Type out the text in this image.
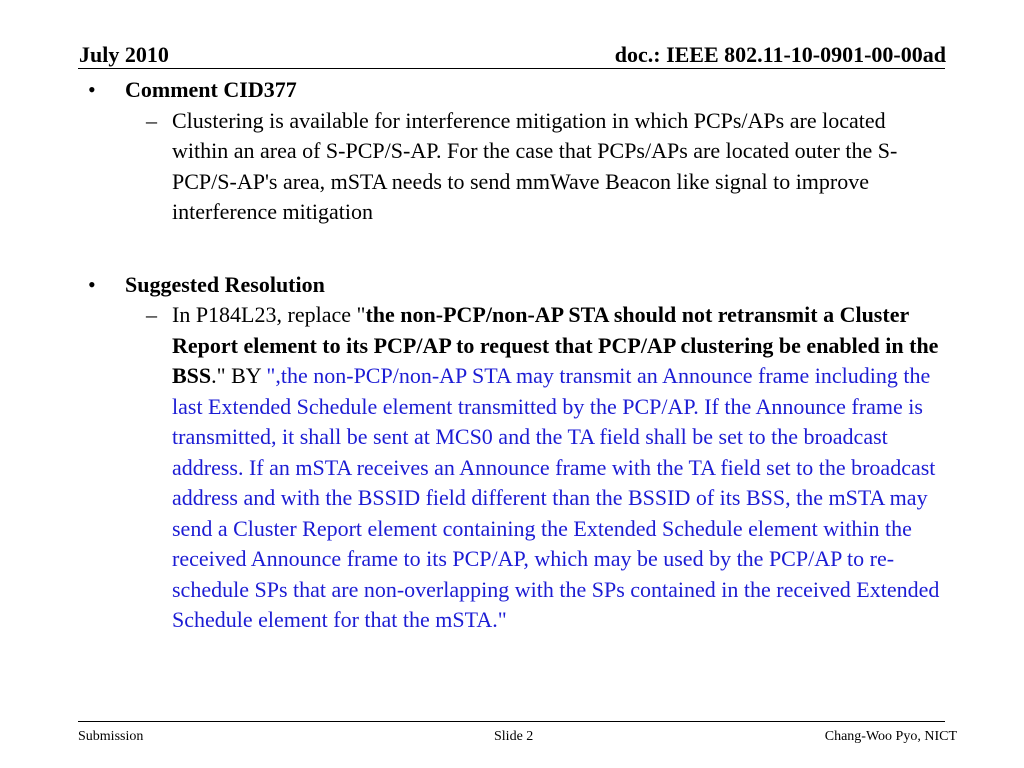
July 2010	doc.: IEEE 802.11-10-0901-00-00ad
• Comment CID377
– Clustering is available for interference mitigation in which PCPs/APs are located within an area of S-PCP/S-AP. For the case that PCPs/APs are located outer the S-PCP/S-AP's area, mSTA needs to send mmWave Beacon like signal to improve interference mitigation
• Suggested Resolution
– In P184L23, replace "the non-PCP/non-AP STA should not retransmit a Cluster Report element to its PCP/AP to request that PCP/AP clustering be enabled in the BSS." BY ",the non-PCP/non-AP STA may transmit an Announce frame including the last Extended Schedule element transmitted by the PCP/AP. If the Announce frame is transmitted, it shall be sent at MCS0 and the TA field shall be set to the broadcast address. If an mSTA receives an Announce frame with the TA field set to the broadcast address and with the BSSID field different than the BSSID of its BSS, the mSTA may send a Cluster Report element containing the Extended Schedule element within the received Announce frame to its PCP/AP, which may be used by the PCP/AP to re-schedule SPs that are non-overlapping with the SPs contained in the received Extended Schedule element for that the mSTA."
Submission	Slide 2	Chang-Woo Pyo, NICT
